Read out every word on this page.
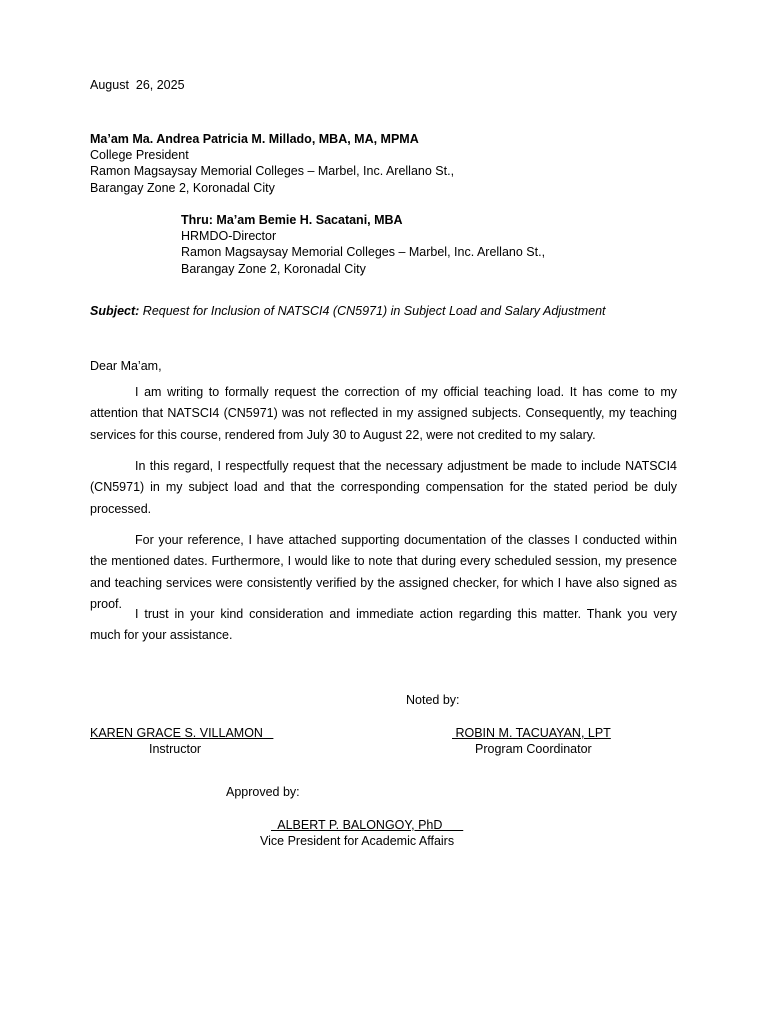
August  26, 2025
Ma’am Ma. Andrea Patricia M. Millado, MBA, MA, MPMA
College President
Ramon Magsaysay Memorial Colleges – Marbel, Inc. Arellano St.,
Barangay Zone 2, Koronadal City
Thru: Ma’am Bemie H. Sacatani, MBA
HRMDO-Director
Ramon Magsaysay Memorial Colleges – Marbel, Inc. Arellano St.,
Barangay Zone 2, Koronadal City
Subject: Request for Inclusion of NATSCI4 (CN5971) in Subject Load and Salary Adjustment
Dear Ma’am,
I am writing to formally request the correction of my official teaching load. It has come to my attention that NATSCI4 (CN5971) was not reflected in my assigned subjects. Consequently, my teaching services for this course, rendered from July 30 to August 22, were not credited to my salary.
In this regard, I respectfully request that the necessary adjustment be made to include NATSCI4 (CN5971) in my subject load and that the corresponding compensation for the stated period be duly processed.
For your reference, I have attached supporting documentation of the classes I conducted within the mentioned dates. Furthermore, I would like to note that during every scheduled session, my presence and teaching services were consistently verified by the assigned checker, for which I have also signed as proof.
I trust in your kind consideration and immediate action regarding this matter. Thank you very much for your assistance.
Noted by:
KAREN GRACE S. VILLAMON
Instructor
ROBIN M. TACUAYAN, LPT
Program Coordinator
Approved by:
ALBERT P. BALONGOY, PhD
Vice President for Academic Affairs
